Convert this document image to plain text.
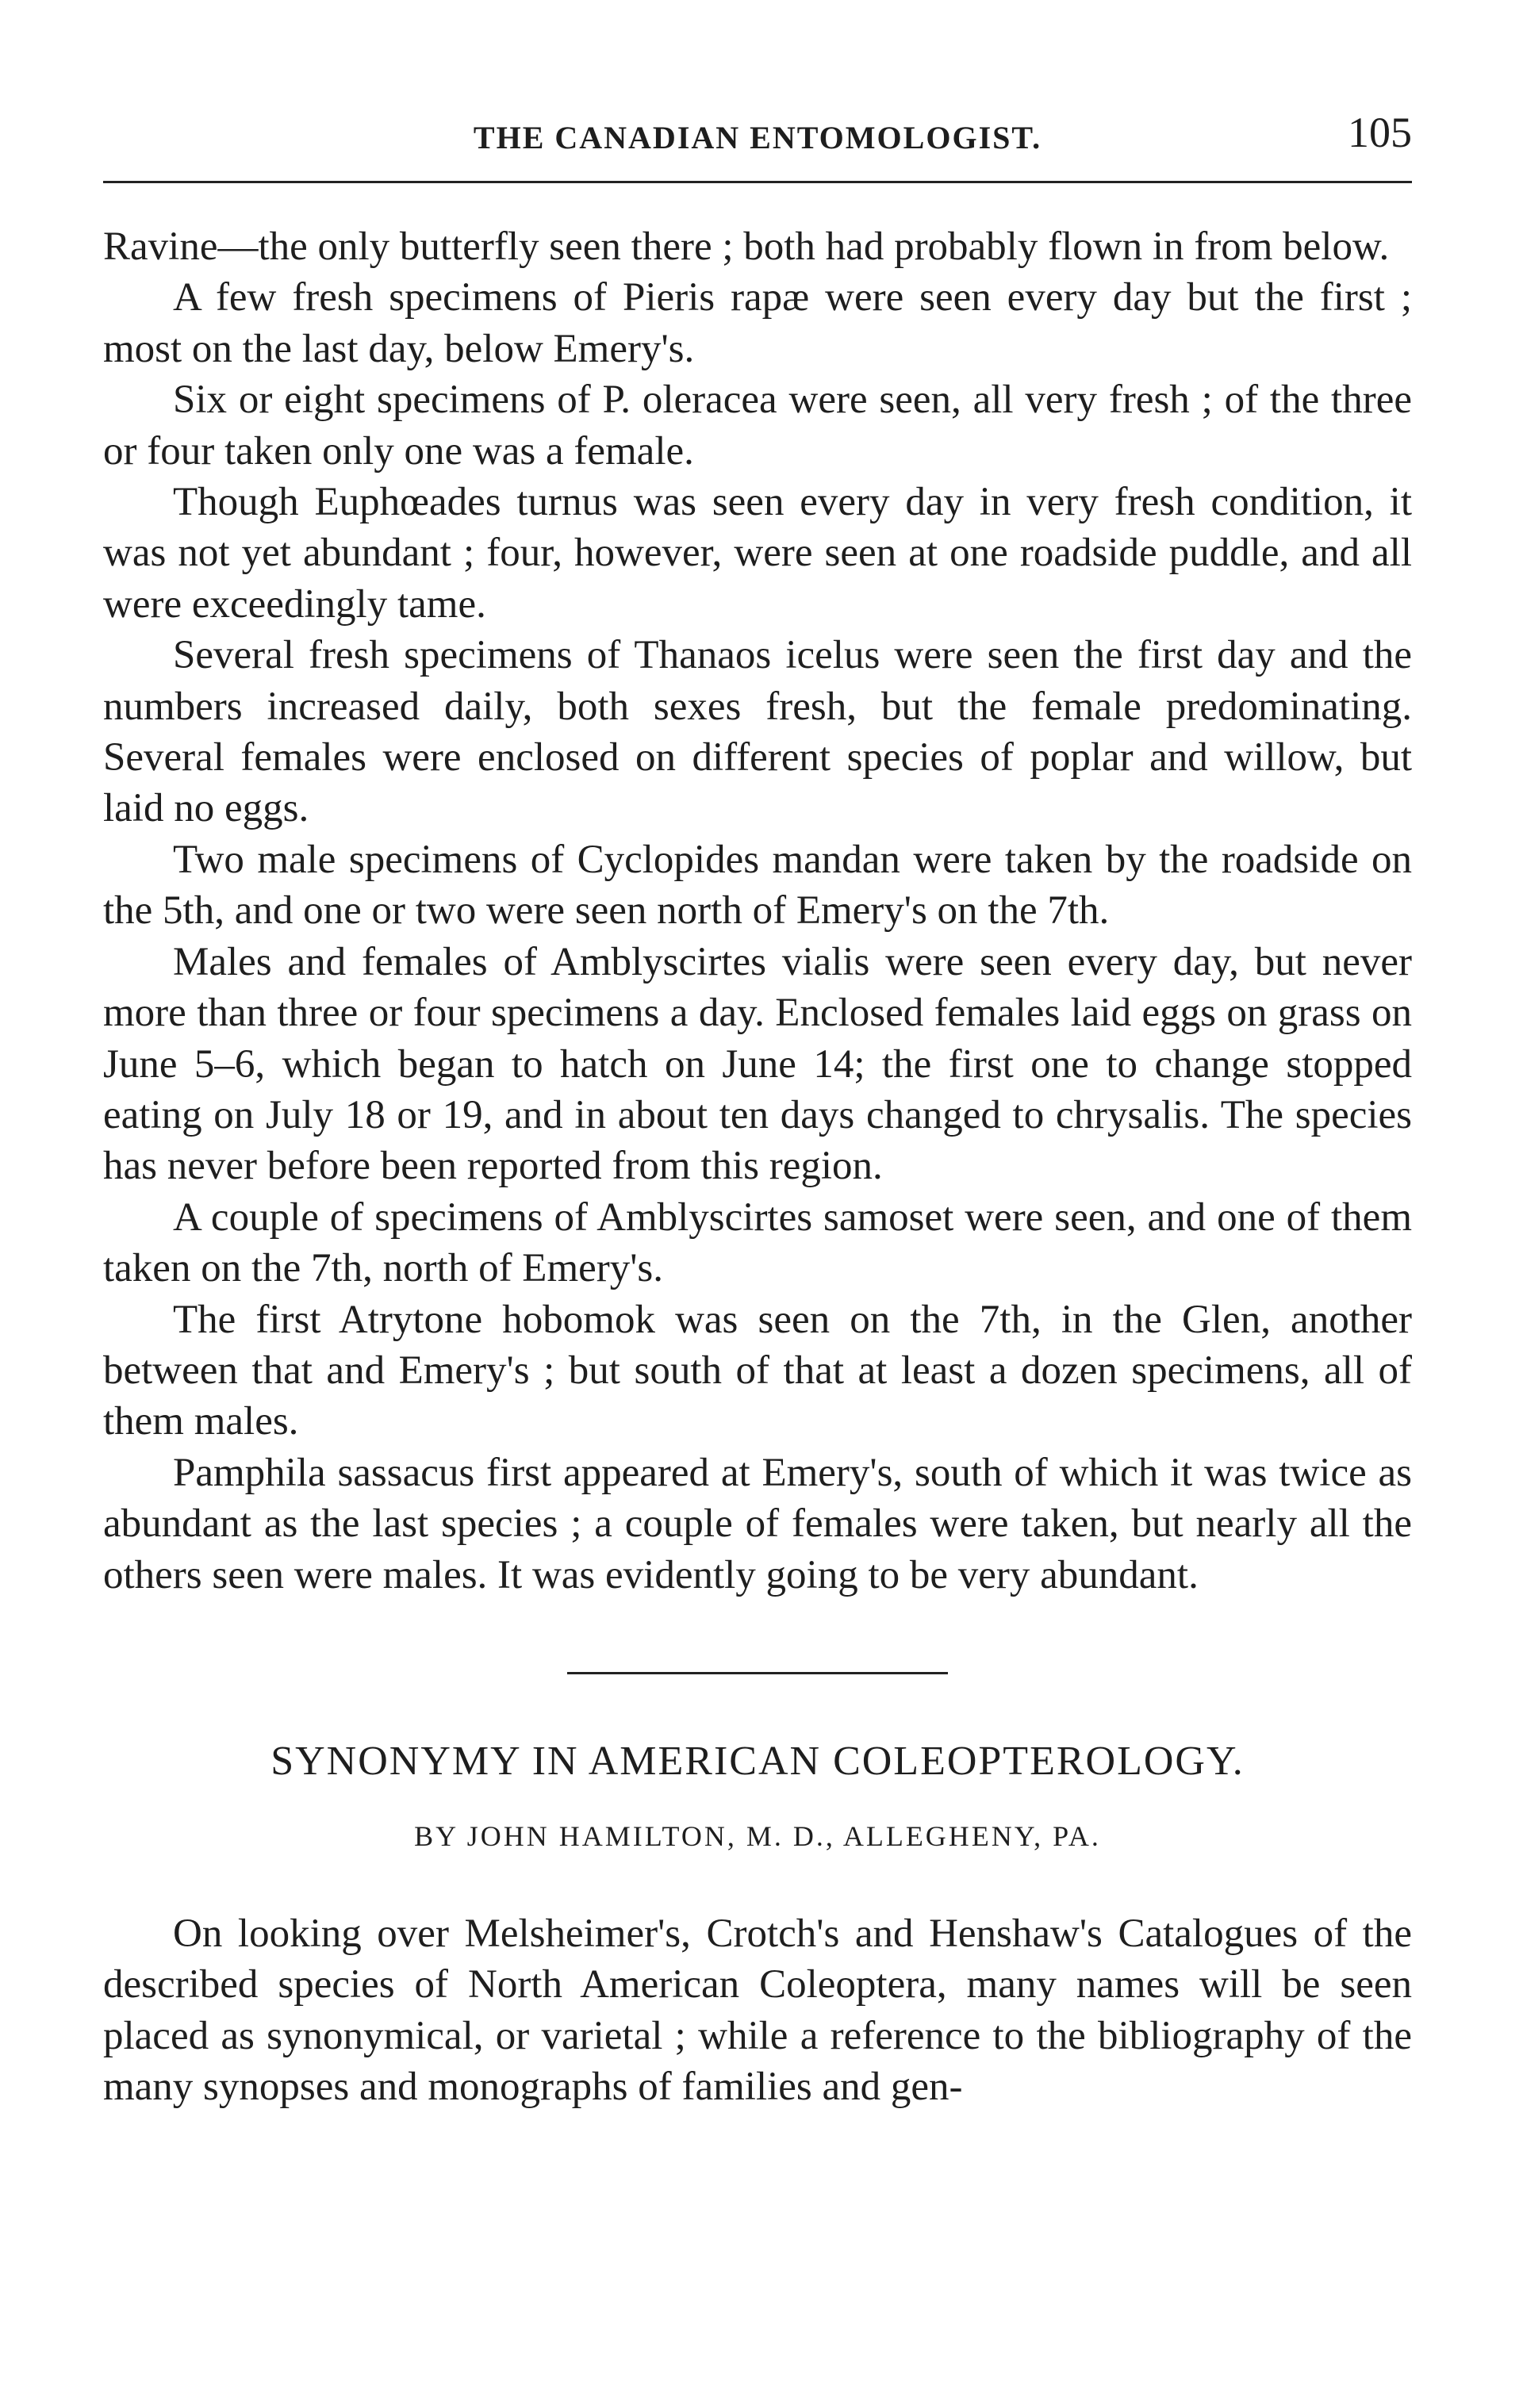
THE CANADIAN ENTOMOLOGIST.	105

Ravine—the only butterfly seen there ; both had probably flown in from below.

A few fresh specimens of Pieris rapæ were seen every day but the first ; most on the last day, below Emery's.

Six or eight specimens of P. oleracea were seen, all very fresh ; of the three or four taken only one was a female.

Though Euphœades turnus was seen every day in very fresh condition, it was not yet abundant ; four, however, were seen at one roadside puddle, and all were exceedingly tame.

Several fresh specimens of Thanaos icelus were seen the first day and the numbers increased daily, both sexes fresh, but the female predominating. Several females were enclosed on different species of poplar and willow, but laid no eggs.

Two male specimens of Cyclopides mandan were taken by the roadside on the 5th, and one or two were seen north of Emery's on the 7th.

Males and females of Amblyscirtes vialis were seen every day, but never more than three or four specimens a day. Enclosed females laid eggs on grass on June 5–6, which began to hatch on June 14; the first one to change stopped eating on July 18 or 19, and in about ten days changed to chrysalis. The species has never before been reported from this region.

A couple of specimens of Amblyscirtes samoset were seen, and one of them taken on the 7th, north of Emery's.

The first Atrytone hobomok was seen on the 7th, in the Glen, another between that and Emery's ; but south of that at least a dozen specimens, all of them males.

Pamphila sassacus first appeared at Emery's, south of which it was twice as abundant as the last species ; a couple of females were taken, but nearly all the others seen were males. It was evidently going to be very abundant.

SYNONYMY IN AMERICAN COLEOPTEROLOGY.
BY JOHN HAMILTON, M. D., ALLEGHENY, PA.

On looking over Melsheimer's, Crotch's and Henshaw's Catalogues of the described species of North American Coleoptera, many names will be seen placed as synonymical, or varietal ; while a reference to the bibliography of the many synopses and monographs of families and gen-
